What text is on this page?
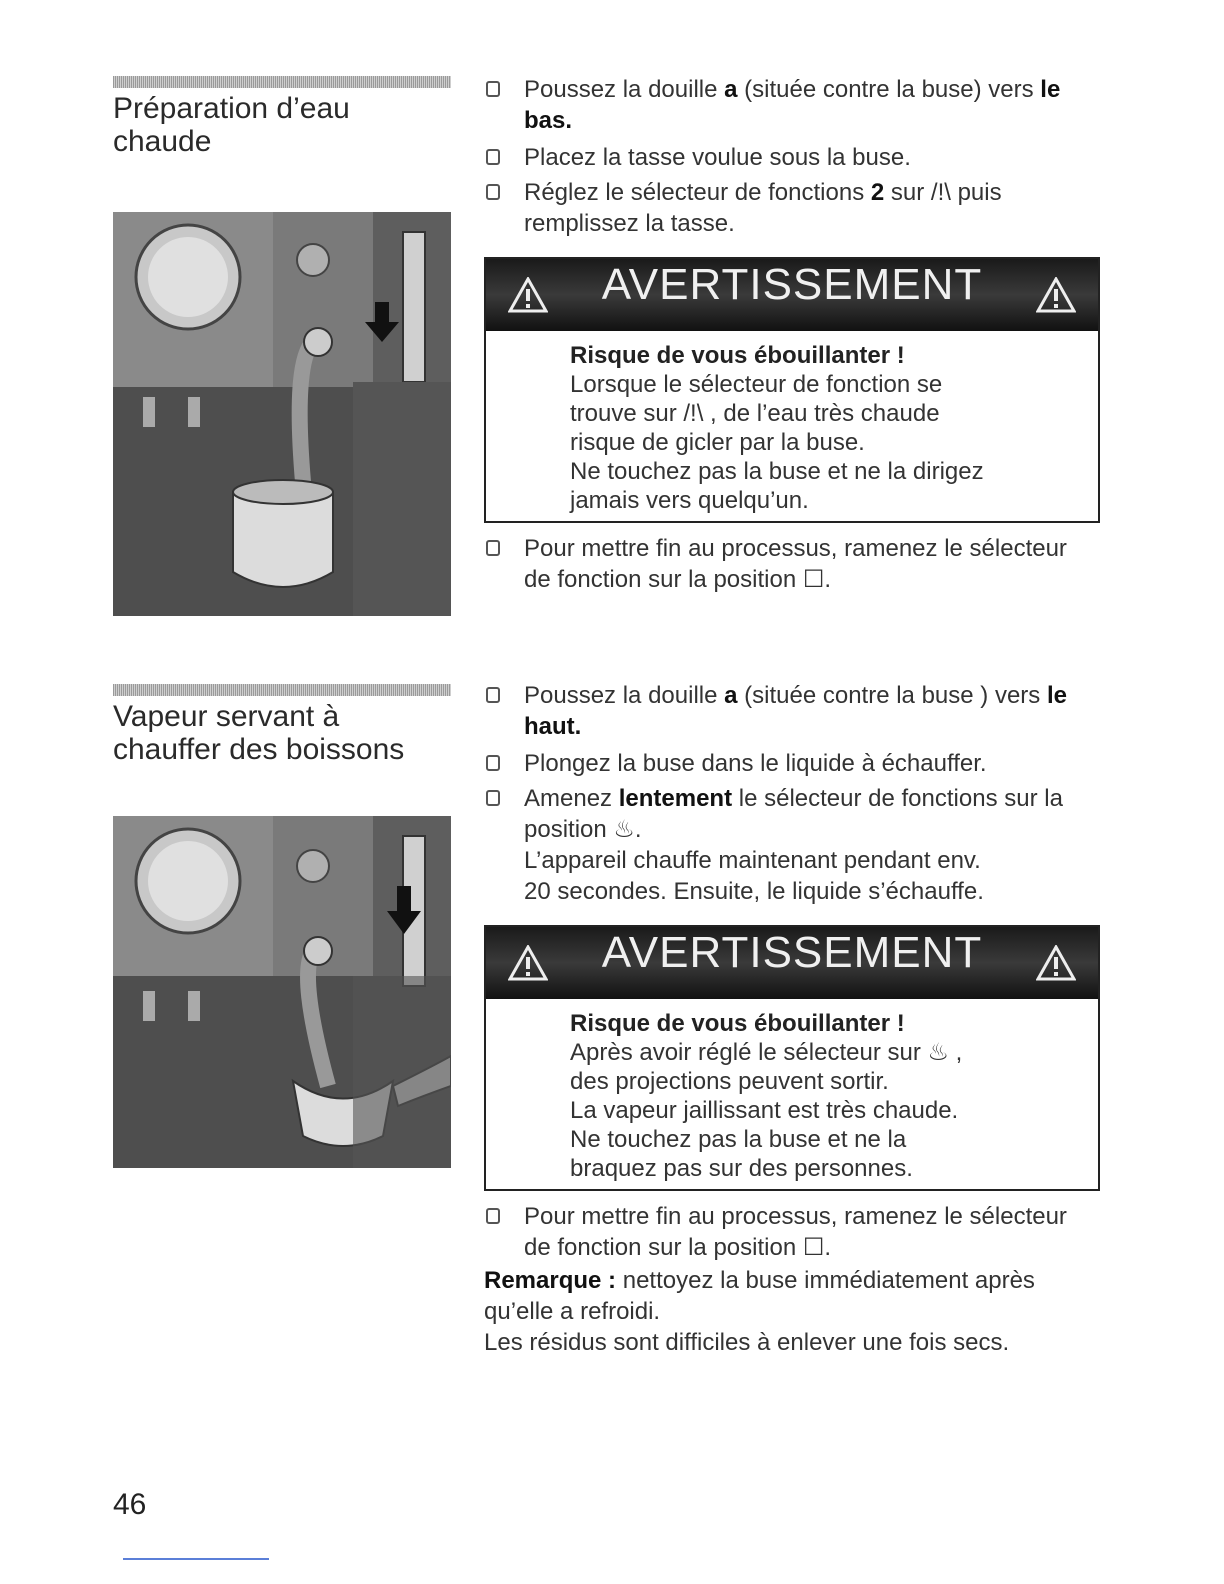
Préparation d’eau
chaude

Poussez la douille a (située contre la buse) vers le bas.

Placez la tasse voulue sous la buse.

Réglez le sélecteur de fonctions 2 sur /!\ puis remplissez la tasse.

AVERTISSEMENT
Risque de vous ébouillanter !
Lorsque le sélecteur de fonction se
trouve sur /!\ , de l’eau très chaude
risque de gicler par la buse.
Ne touchez pas la buse et ne la dirigez
jamais vers quelqu’un.

Pour mettre fin au processus, ramenez le sélecteur de fonction sur la position ☐.

Vapeur servant à
chauffer des boissons

Poussez la douille a (située contre la buse ) vers le haut.

Plongez la buse dans le liquide à échauffer.

Amenez lentement le sélecteur de fonctions sur la position ♨.

L’appareil chauffe maintenant pendant env.

20 secondes. Ensuite, le liquide s’échauffe.

AVERTISSEMENT
Risque de vous ébouillanter !
Après avoir réglé le sélecteur sur ♨ ,
des projections peuvent sortir.
La vapeur jaillissant est très chaude.
Ne touchez pas la buse et ne la
braquez pas sur des personnes.

Pour mettre fin au processus, ramenez le sélecteur de fonction sur la position ☐.

Remarque : nettoyez la buse immédiatement après qu’elle a refroidi.

Les résidus sont difficiles à enlever une fois secs.

46
